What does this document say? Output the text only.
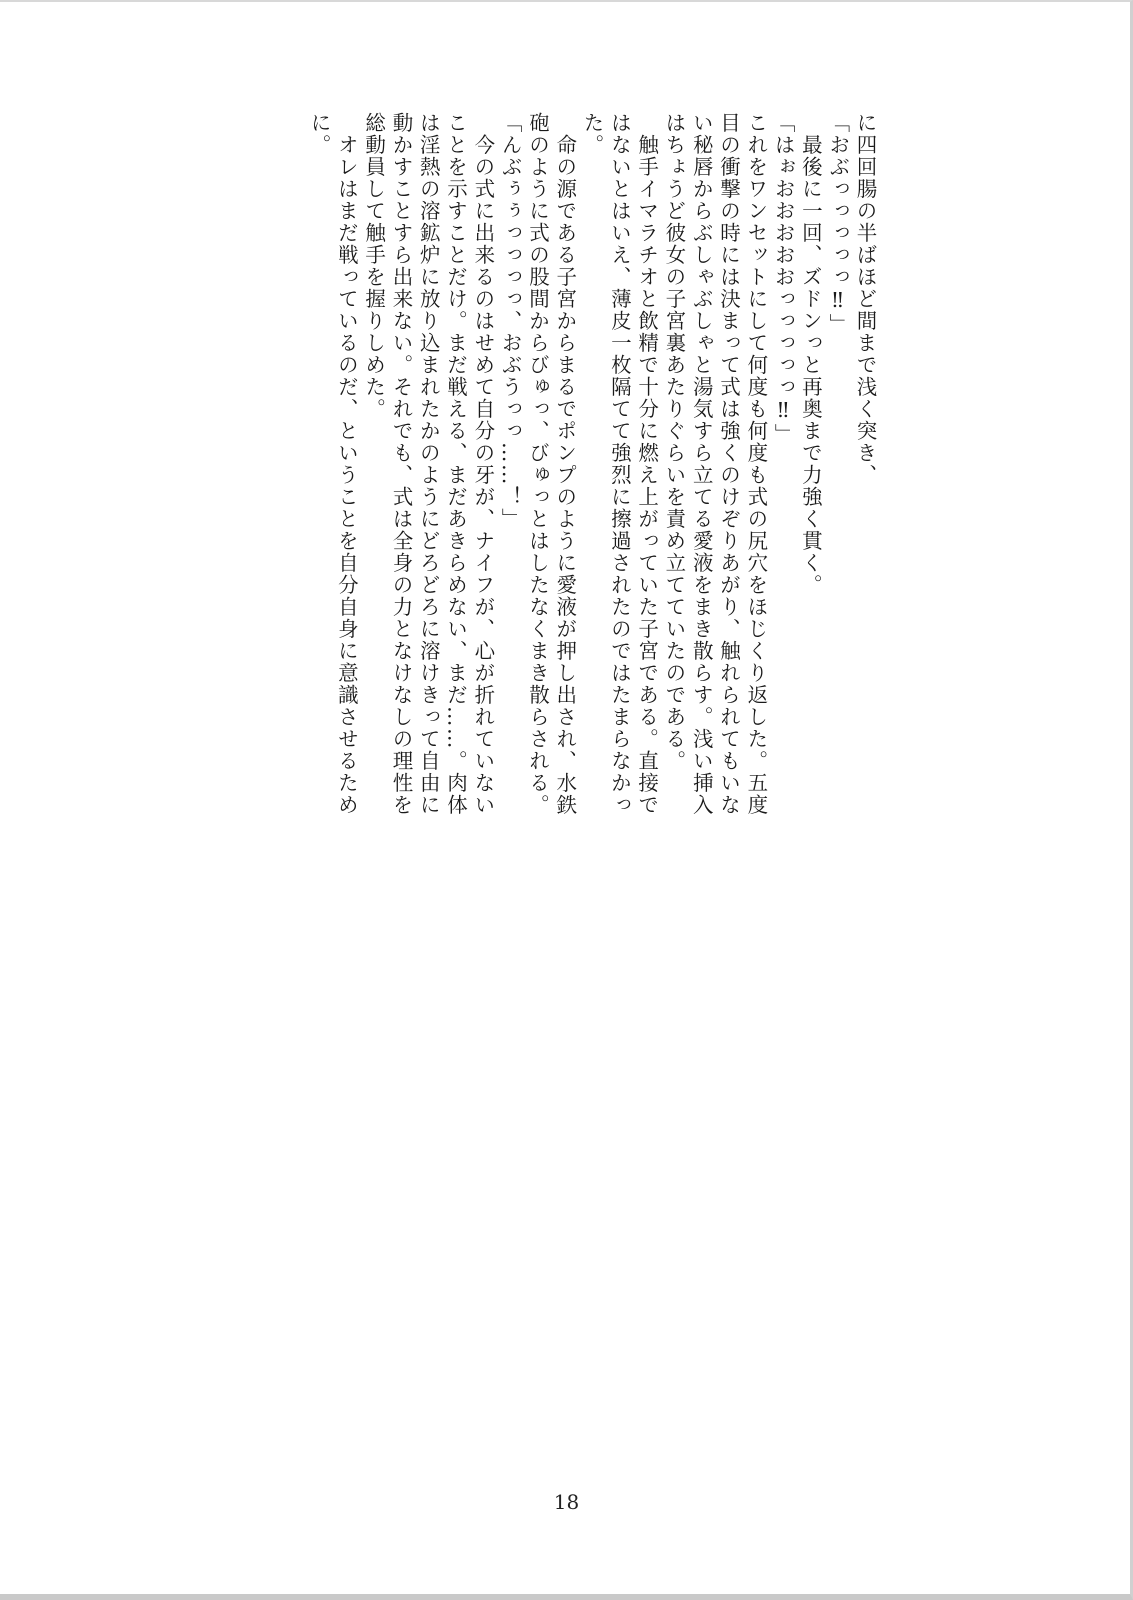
に四回腸の半ばほど間まで浅く突き、

「おぶっっっっっ‼」

　最後に一回、ズドンっと再奥まで力強く貫く。

「はぉおおおおおっっっっっ‼」

これをワンセットにして何度も何度も式の尻穴をほじくり返した。五度目の衝撃の時には決まって式は強くのけぞりあがり、触れられてもいない秘唇からぶしゃぶしゃと湯気すら立てる愛液をまき散らす。浅い挿入はちょうど彼女の子宮裏あたりぐらいを責め立てていたのである。

　触手イマラチオと飲精で十分に燃え上がっていた子宮である。直接ではないとはいえ、薄皮一枚隔てて強烈に擦過されたのではたまらなかった。

　命の源である子宮からまるでポンプのように愛液が押し出され、水鉄砲のように式の股間からびゅっ、びゅっとはしたなくまき散らされる。

「んぶぅぅっっっっ、おぶうっっ……！」

　今の式に出来るのはせめて自分の牙が、ナイフが、心が折れていないことを示すことだけ。まだ戦える、まだあきらめない、まだ……。肉体は淫熱の溶鉱炉に放り込まれたかのようにどろどろに溶けきって自由に動かすことすら出来ない。それでも、式は全身の力となけなしの理性を総動員して触手を握りしめた。

　オレはまだ戦っているのだ、ということを自分自身に意識させるために。

18
